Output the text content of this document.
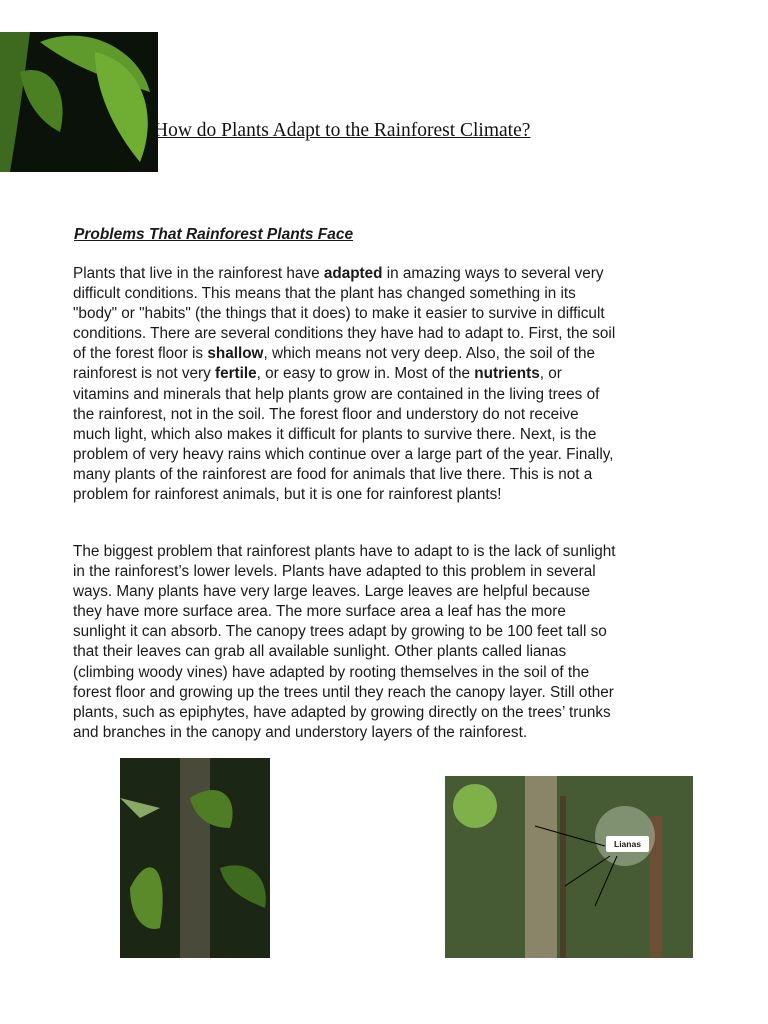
How do Plants Adapt to the Rainforest Climate?
Problems That Rainforest Plants Face
Plants that live in the rainforest have adapted in amazing ways to several very
difficult conditions. This means that the plant has changed something in its
"body" or "habits" (the things that it does) to make it easier to survive in difficult
conditions. There are several conditions they have had to adapt to. First, the soil
of the forest floor is shallow, which means not very deep. Also, the soil of the
rainforest is not very fertile, or easy to grow in. Most of the nutrients, or
vitamins and minerals that help plants grow are contained in the living trees of
the rainforest, not in the soil. The forest floor and understory do not receive
much light, which also makes it difficult for plants to survive there. Next, is the
problem of very heavy rains which continue over a large part of the year. Finally,
many plants of the rainforest are food for animals that live there. This is not a
problem for rainforest animals, but it is one for rainforest plants!
The biggest problem that rainforest plants have to adapt to is the lack of sunlight
in the rainforest’s lower levels. Plants have adapted to this problem in several
ways. Many plants have very large leaves. Large leaves are helpful because
they have more surface area. The more surface area a leaf has the more
sunlight it can absorb. The canopy trees adapt by growing to be 100 feet tall so
that their leaves can grab all available sunlight. Other plants called lianas
(climbing woody vines) have adapted by rooting themselves in the soil of the
forest floor and growing up the trees until they reach the canopy layer. Still other
plants, such as epiphytes, have adapted by growing directly on the trees’ trunks
and branches in the canopy and understory layers of the rainforest.
Lianas
